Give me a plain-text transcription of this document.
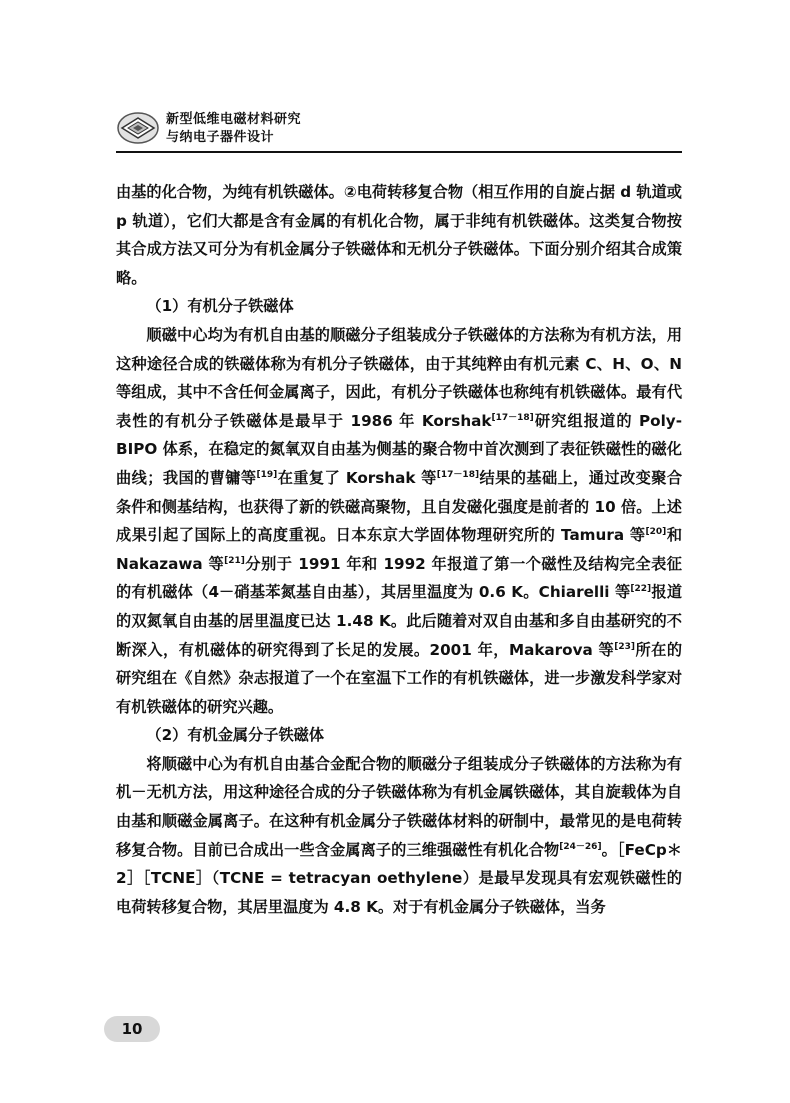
新型低维电磁材料研究
与纳电子器件设计

由基的化合物，为纯有机铁磁体。②电荷转移复合物（相互作用的自旋占据 d 轨道或 p 轨道），它们大都是含有金属的有机化合物，属于非纯有机铁磁体。这类复合物按其合成方法又可分为有机金属分子铁磁体和无机分子铁磁体。下面分别介绍其合成策略。

（1）有机分子铁磁体

顺磁中心均为有机自由基的顺磁分子组装成分子铁磁体的方法称为有机方法，用这种途径合成的铁磁体称为有机分子铁磁体，由于其纯粹由有机元素 C、H、O、N 等组成，其中不含任何金属离子，因此，有机分子铁磁体也称纯有机铁磁体。最有代表性的有机分子铁磁体是最早于 1986 年 Korshak[17－18]研究组报道的 Poly-BIPO 体系，在稳定的氮氧双自由基为侧基的聚合物中首次测到了表征铁磁性的磁化曲线；我国的曹镛等[19]在重复了 Korshak 等[17－18]结果的基础上，通过改变聚合条件和侧基结构，也获得了新的铁磁高聚物，且自发磁化强度是前者的 10 倍。上述成果引起了国际上的高度重视。日本东京大学固体物理研究所的 Tamura 等[20]和 Nakazawa 等[21]分别于 1991 年和 1992 年报道了第一个磁性及结构完全表征的有机磁体（4－硝基苯氮基自由基），其居里温度为 0.6 K。Chiarelli 等[22]报道的双氮氧自由基的居里温度已达 1.48 K。此后随着对双自由基和多自由基研究的不断深入，有机磁体的研究得到了长足的发展。2001 年，Makarova 等[23]所在的研究组在《自然》杂志报道了一个在室温下工作的有机铁磁体，进一步激发科学家对有机铁磁体的研究兴趣。

（2）有机金属分子铁磁体

将顺磁中心为有机自由基合金配合物的顺磁分子组装成分子铁磁体的方法称为有机－无机方法，用这种途径合成的分子铁磁体称为有机金属铁磁体，其自旋载体为自由基和顺磁金属离子。在这种有机金属分子铁磁体材料的研制中，最常见的是电荷转移复合物。目前已合成出一些含金属离子的三维强磁性有机化合物[24－26]。［FeCp＊2］［TCNE］（TCNE = tetracyan oethylene）是最早发现具有宏观铁磁性的电荷转移复合物，其居里温度为 4.8 K。对于有机金属分子铁磁体，当务

10
